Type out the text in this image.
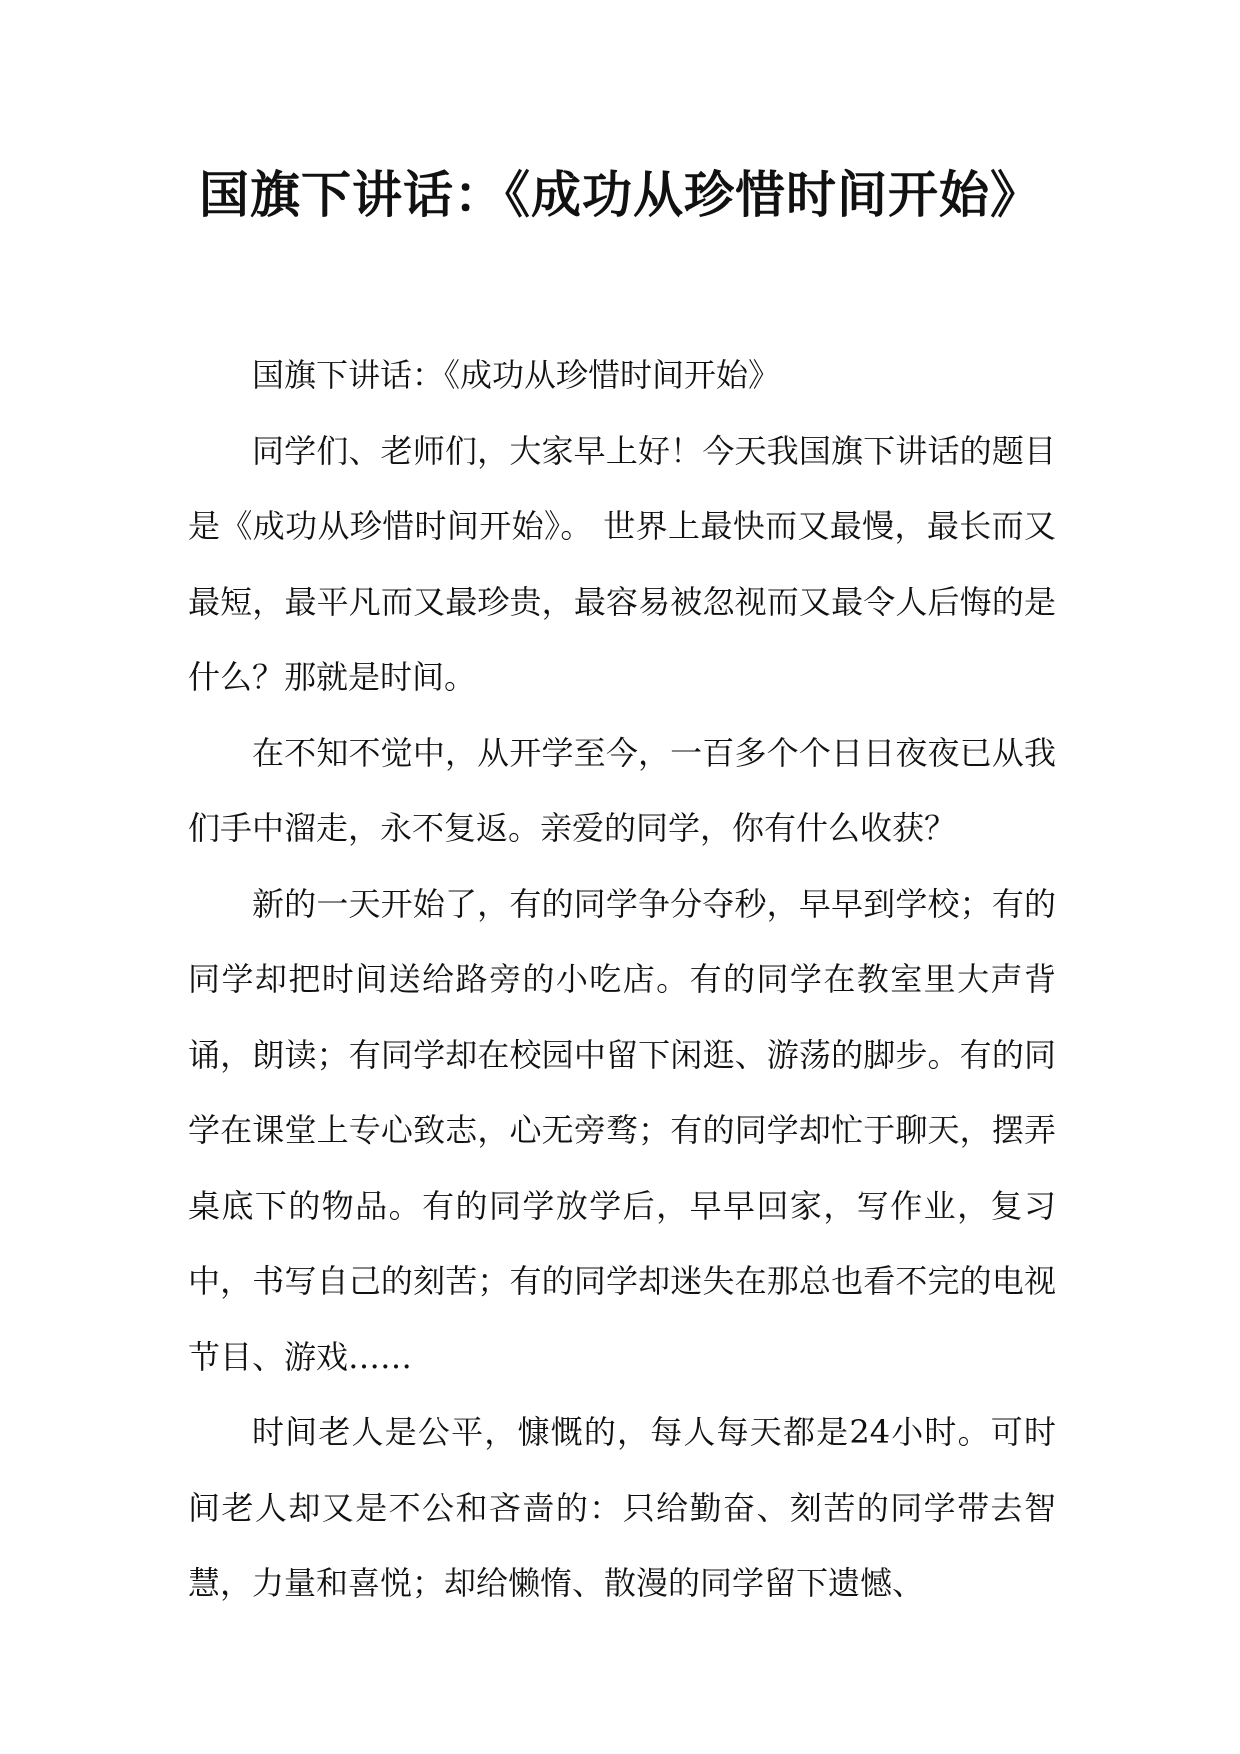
国旗下讲话：《成功从珍惜时间开始》

国旗下讲话：《成功从珍惜时间开始》

同学们、老师们，大家早上好！今天我国旗下讲话的题目是《成功从珍惜时间开始》。 世界上最快而又最慢，最长而又最短，最平凡而又最珍贵，最容易被忽视而又最令人后悔的是什么？那就是时间。

在不知不觉中，从开学至今，一百多个个日日夜夜已从我们手中溜走，永不复返。亲爱的同学，你有什么收获？

新的一天开始了，有的同学争分夺秒，早早到学校；有的同学却把时间送给路旁的小吃店。有的同学在教室里大声背诵，朗读；有同学却在校园中留下闲逛、游荡的脚步。有的同学在课堂上专心致志，心无旁骛；有的同学却忙于聊天，摆弄桌底下的物品。有的同学放学后，早早回家，写作业，复习中，书写自己的刻苦；有的同学却迷失在那总也看不完的电视节目、游戏……

时间老人是公平，慷慨的，每人每天都是24小时。可时间老人却又是不公和吝啬的：只给勤奋、刻苦的同学带去智慧，力量和喜悦；却给懒惰、散漫的同学留下遗憾、
